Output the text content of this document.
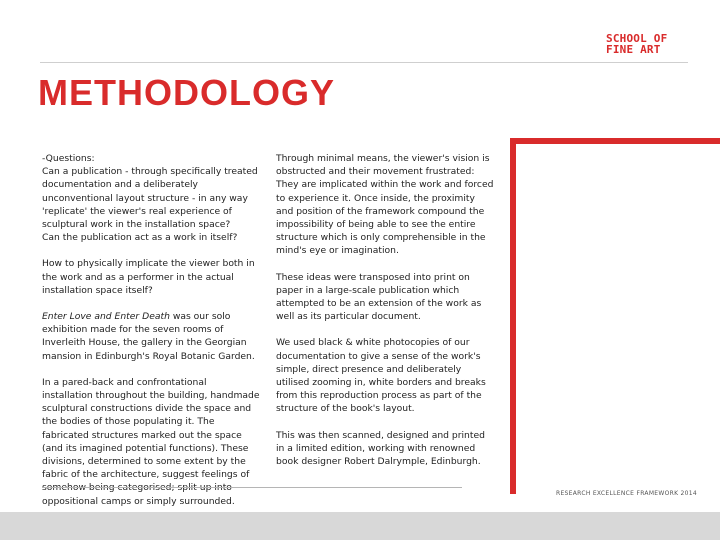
SCHOOL OF
FINE ART
METHODOLOGY

-Questions:
Can a publication - through specifically treated documentation and a deliberately unconventional layout structure - in any way 'replicate' the viewer's real experience of sculptural work in the installation space?
Can the publication act as a work in itself?

How to physically implicate the viewer both in the work and as a performer in the actual installation space itself?

Enter Love and Enter Death was our solo exhibition made for the seven rooms of Inverleith House, the gallery in the Georgian mansion in Edinburgh's Royal Botanic Garden.

In a pared-back and confrontational installation throughout the building, handmade sculptural constructions divide the space and the bodies of those populating it. The fabricated structures marked out the space (and its imagined potential functions). These divisions, determined to some extent by the fabric of the architecture, suggest feelings of oppositional camps or simply surrounded.

Through minimal means, the viewer's vision is obstructed and their movement frustrated: They are implicated within the work and forced to experience it. Once inside, the proximity and position of the framework compound the impossibility of being able to see the entire structure which is only comprehensible in the mind's eye or imagination.

These ideas were transposed into print on paper in a large-scale publication which attempted to be an extension of the work as well as its particular document.

We used black & white photocopies of our documentation to give a sense of the work's simple, direct presence and deliberately utilised zooming in, white borders and breaks from this reproduction process as part of the structure of the book's layout.

This was then scanned, designed and printed in a limited edition, working with renowned book designer Robert Dalrymple, Edinburgh.

Image one & a description of what we are looking at in the context of the project.
RESEARCH EXCELLENCE FRAMEWORK 2014
